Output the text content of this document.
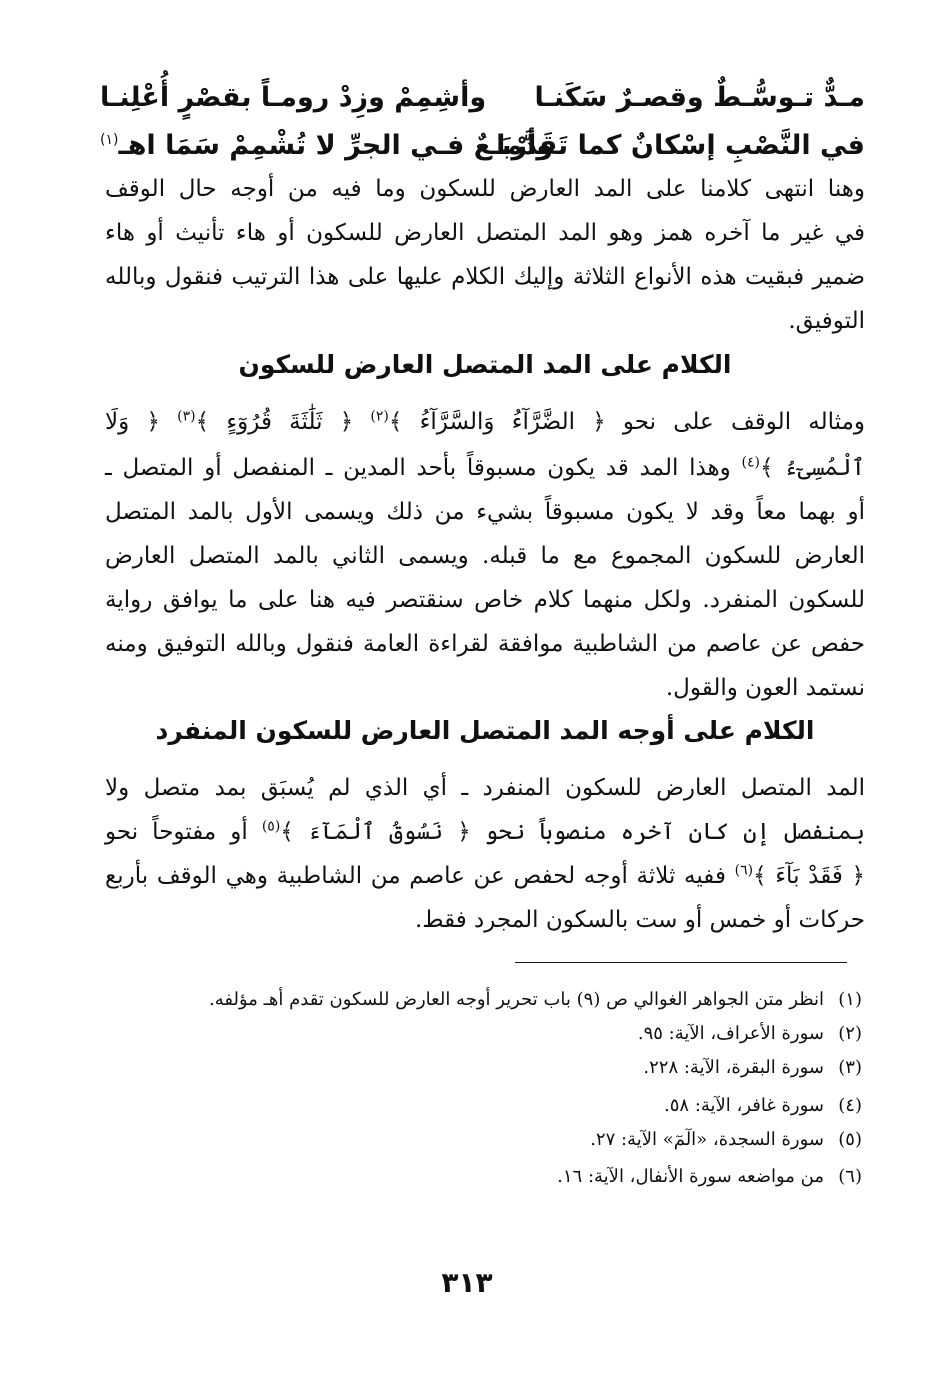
مـدٌّ تـوسُّـطٌ وقصـرٌ سَكَنـا
وأشِمِمْ وزِدْ رومـاً بقصْرٍ أُعْلِنـا
في النَّصْبِ إسْكانٌ كما تَقَدَّما
وأرْبَـعٌ فـي الجرِّ لا تُشْمِمْ سَمَا اهـ$^{(١)}$
وهنا انتهى كلامنا على المد العارض للسكون وما فيه من أوجه حال الوقف
في غير ما آخره همز وهو المد المتصل العارض للسكون أو هاء تأنيث أو هاء
ضمير فبقيت هذه الأنواع الثلاثة وإليك الكلام عليها على هذا الترتيب فنقول وبالله
التوفيق.
الكلام على المد المتصل العارض للسكون
ومثاله الوقف على نحو ﴿ الضَّرَّآءُ وَالسَّرَّآءُ ﴾$^{(٢)}$ ﴿ ثَلَٰثَةَ قُرُوٓءٍ ﴾$^{(٣)}$ ﴿ وَلَا
ٱلْمُسِىٓءُ ﴾$^{(٤)}$ وهذا المد قد يكون مسبوقاً بأحد المدين ـ المنفصل أو المتصل ـ
أو بهما معاً وقد لا يكون مسبوقاً بشيء من ذلك ويسمى الأول بالمد المتصل
العارض للسكون المجموع مع ما قبله. ويسمى الثاني بالمد المتصل العارض
للسكون المنفرد. ولكل منهما كلام خاص سنقتصر فيه هنا على ما يوافق رواية
حفص عن عاصم من الشاطبية موافقة لقراءة العامة فنقول وبالله التوفيق ومنه
نستمد العون والقول.
الكلام على أوجه المد المتصل العارض للسكون المنفرد
المد المتصل العارض للسكون المنفرد ـ أي الذي لم يُسبَق بمد متصل ولا
بمنفصل إن كان آخره منصوباً نحو ﴿ نَسُوقُ ٱلْمَآءَ ﴾$^{(٥)}$ أو مفتوحاً نحو
﴿ فَقَدْ بَآءَ ﴾$^{(٦)}$ ففيه ثلاثة أوجه لحفص عن عاصم من الشاطبية وهي الوقف بأربع
حركات أو خمس أو ست بالسكون المجرد فقط.
(١)انظر متن الجواهر الغوالي ص (٩) باب تحرير أوجه العارض للسكون تقدم أهـ مؤلفه.
(٢)سورة الأعراف، الآية: ٩٥.
(٣)سورة البقرة، الآية: ٢٢٨.
(٤)سورة غافر، الآية: ٥٨.
(٥)سورة السجدة، «الٓمٓ» الآية: ٢٧.
(٦)من مواضعه سورة الأنفال، الآية: ١٦.
٣١٣
